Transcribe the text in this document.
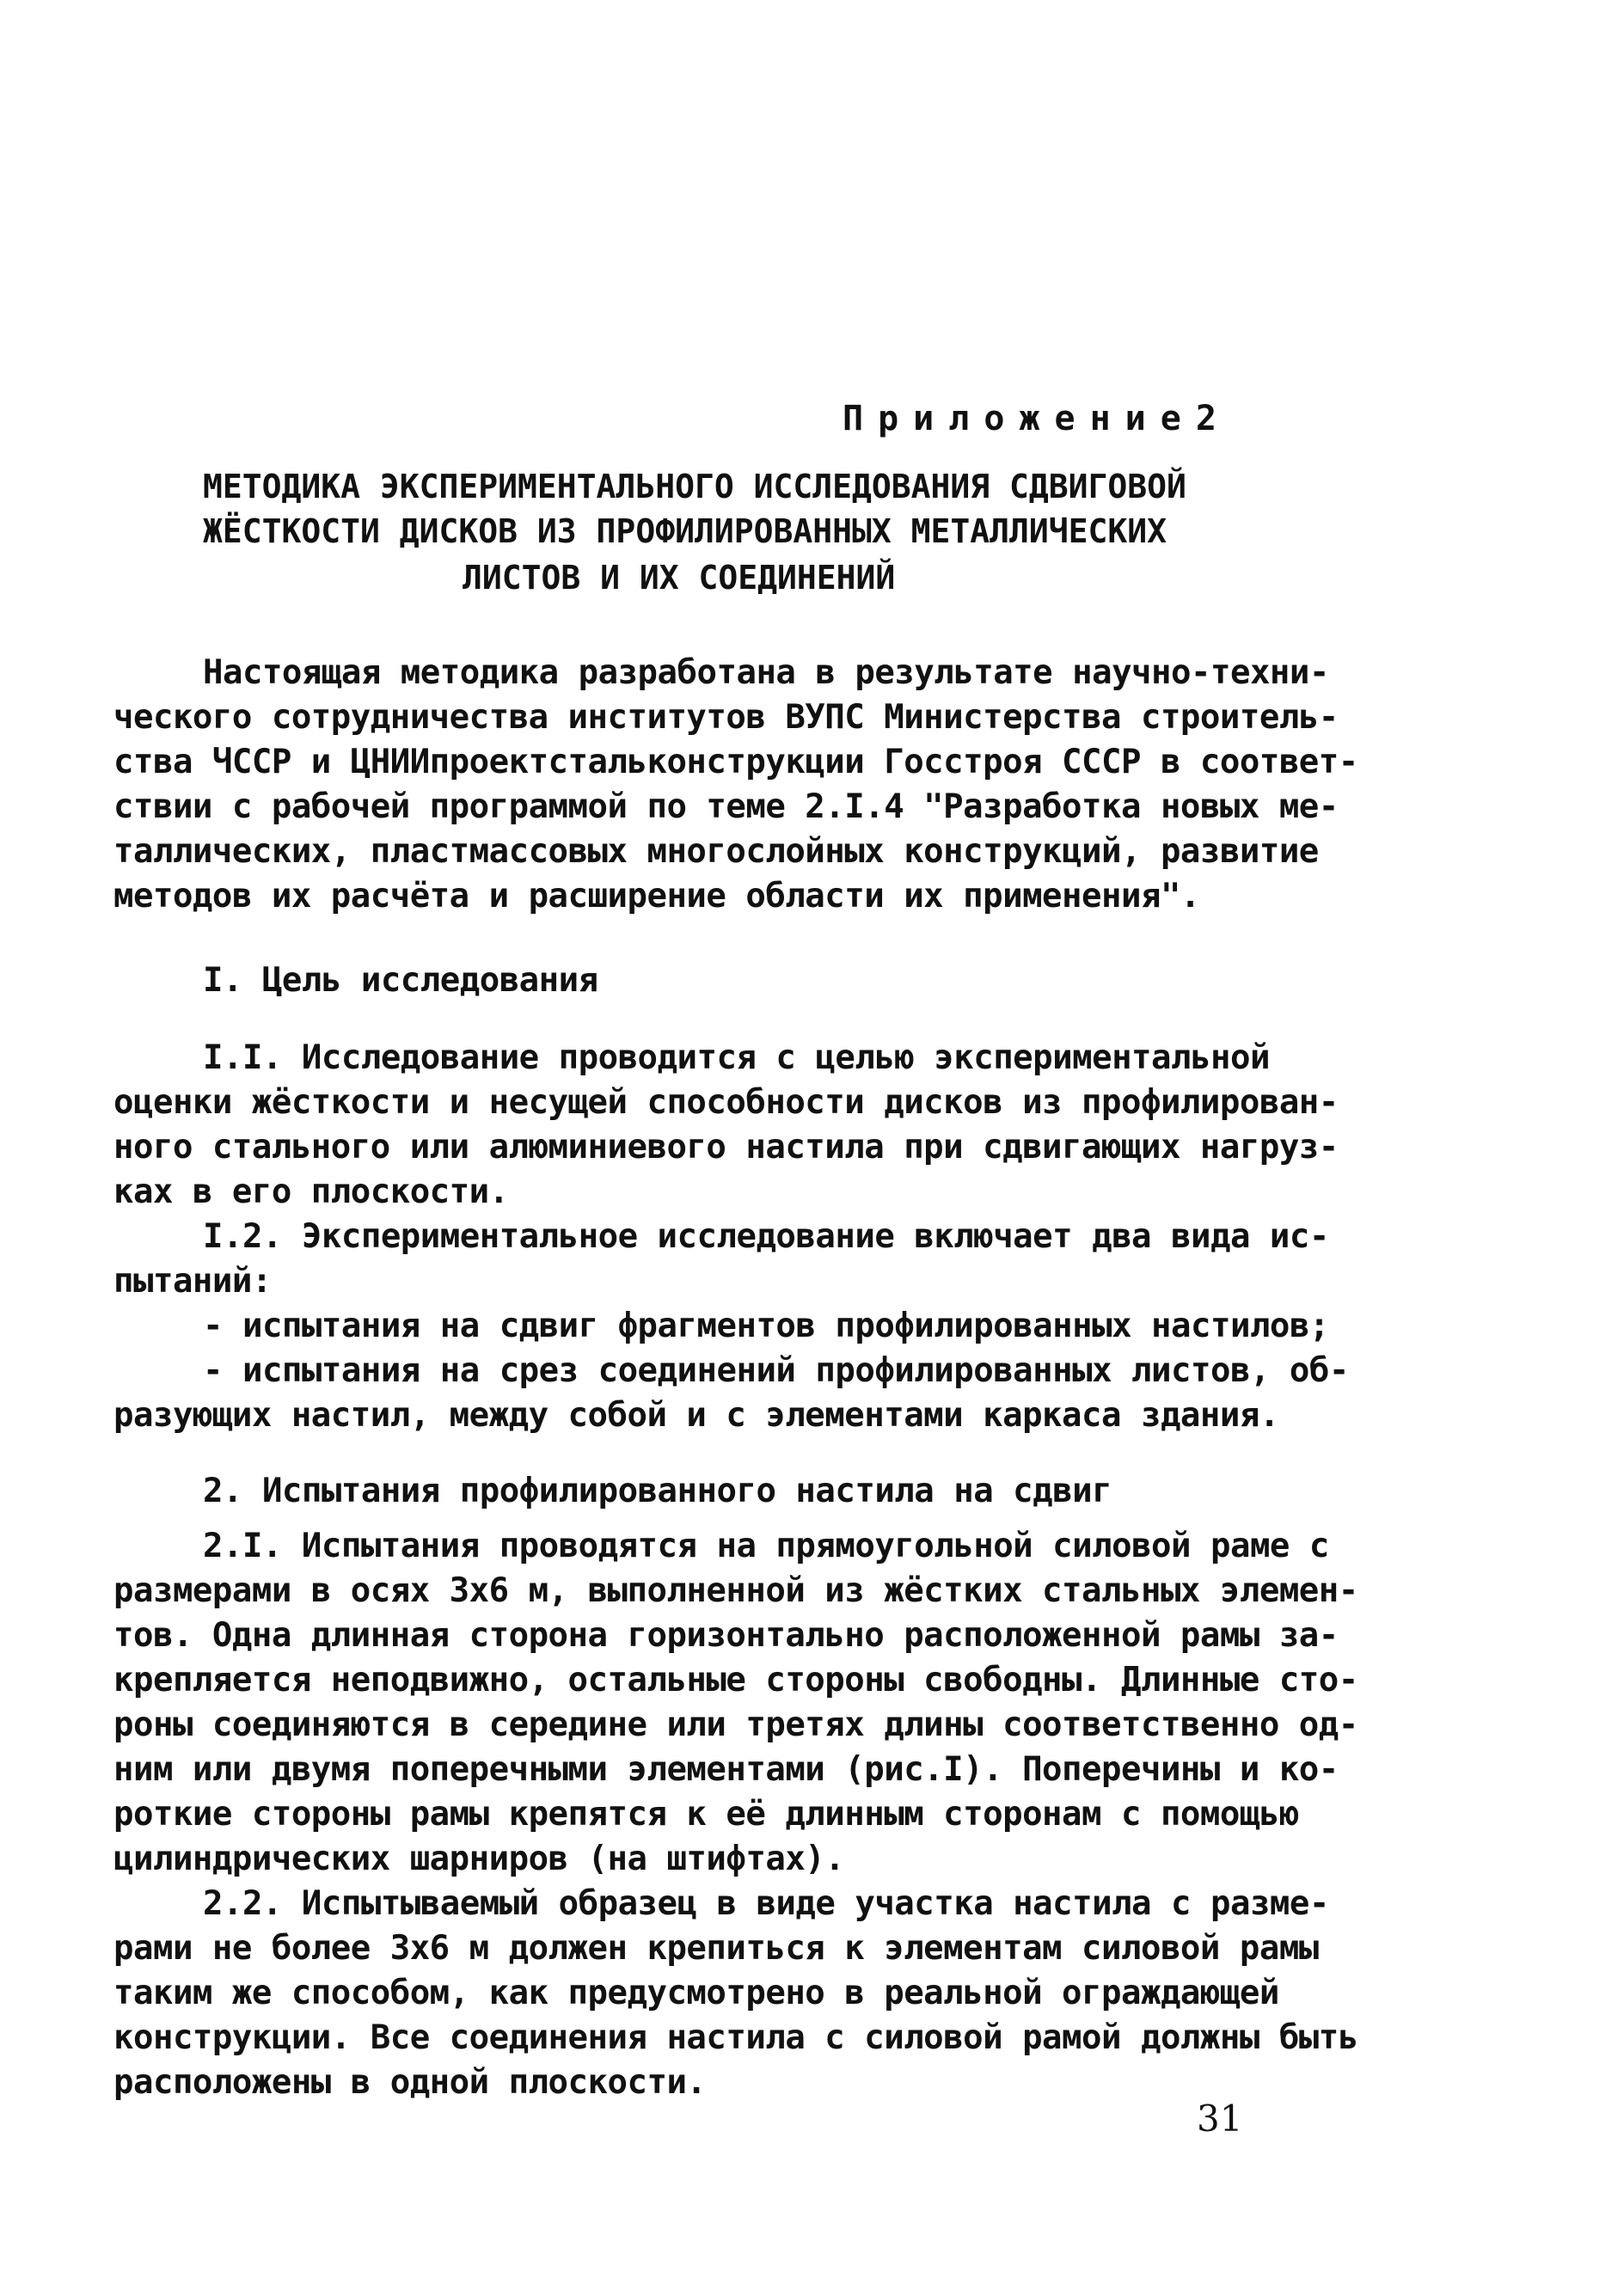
Приложение2
МЕТОДИКА ЭКСПЕРИМЕНТАЛЬНОГО ИССЛЕДОВАНИЯ СДВИГОВОЙ
ЖЁСТКОСТИ ДИСКОВ ИЗ ПРОФИЛИРОВАННЫХ МЕТАЛЛИЧЕСКИХ
ЛИСТОВ И ИХ СОЕДИНЕНИЙ
Настоящая методика разработана в результате научно-техни-
ческого сотрудничества институтов ВУПС Министерства строитель-
ства ЧССР и ЦНИИпроектстальконструкции Госстроя СССР в соответ-
ствии с рабочей программой по теме 2.I.4 "Разработка новых ме-
таллических, пластмассовых многослойных конструкций, развитие
методов их расчёта и расширение области их применения".
I. Цель исследования
I.I. Исследование проводится с целью экспериментальной
оценки жёсткости и несущей способности дисков из профилирован-
ного стального или алюминиевого настила при сдвигающих нагруз-
ках в его плоскости.
I.2. Экспериментальное исследование включает два вида ис-
пытаний:
- испытания на сдвиг фрагментов профилированных настилов;
- испытания на срез соединений профилированных листов, об-
разующих настил, между собой и с элементами каркаса здания.
2. Испытания профилированного настила на сдвиг
2.I. Испытания проводятся на прямоугольной силовой раме с
размерами в осях 3х6 м, выполненной из жёстких стальных элемен-
тов. Одна длинная сторона горизонтально расположенной рамы за-
крепляется неподвижно, остальные стороны свободны. Длинные сто-
роны соединяются в середине или третях длины соответственно од-
ним или двумя поперечными элементами (рис.I). Поперечины и ко-
роткие стороны рамы крепятся к её длинным сторонам с помощью
цилиндрических шарниров (на штифтах).
2.2. Испытываемый образец в виде участка настила с разме-
рами не более 3х6 м должен крепиться к элементам силовой рамы
таким же способом, как предусмотрено в реальной ограждающей
конструкции. Все соединения настила с силовой рамой должны быть
расположены в одной плоскости.
31
